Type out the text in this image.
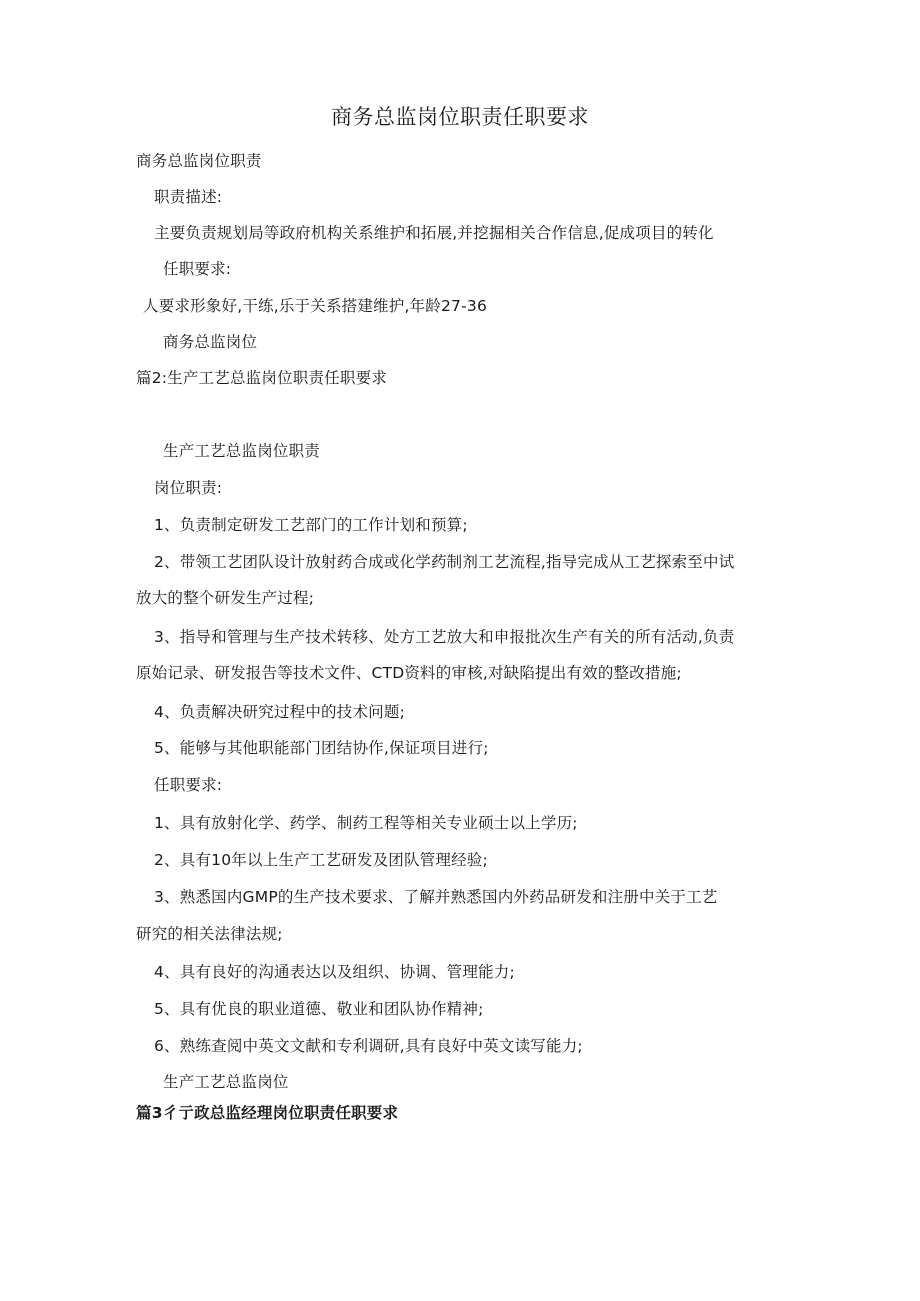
商务总监岗位职责任职要求
商务总监岗位职责
职责描述:
主要负责规划局等政府机构关系维护和拓展,并挖掘相关合作信息,促成项目的转化
任职要求:
人要求形象好,干练,乐于关系搭建维护,年龄27-36
商务总监岗位
篇2:生产工艺总监岗位职责任职要求
生产工艺总监岗位职责
岗位职责:
1、负责制定研发工艺部门的工作计划和预算;
2、带领工艺团队设计放射药合成或化学药制剂工艺流程,指导完成从工艺探索至中试
放大的整个研发生产过程;
3、指导和管理与生产技术转移、处方工艺放大和申报批次生产有关的所有活动,负责
原始记录、研发报告等技术文件、CTD资料的审核,对缺陷提出有效的整改措施;
4、负责解决研究过程中的技术问题;
5、能够与其他职能部门团结协作,保证项目进行;
任职要求:
1、具有放射化学、药学、制药工程等相关专业硕士以上学历;
2、具有10年以上生产工艺研发及团队管理经验;
3、熟悉国内GMP的生产技术要求、了解并熟悉国内外药品研发和注册中关于工艺
研究的相关法律法规;
4、具有良好的沟通表达以及组织、协调、管理能力;
5、具有优良的职业道德、敬业和团队协作精神;
6、熟练查阅中英文文献和专利调研,具有良好中英文读写能力;
生产工艺总监岗位
篇3彳亍政总监经理岗位职责任职要求
